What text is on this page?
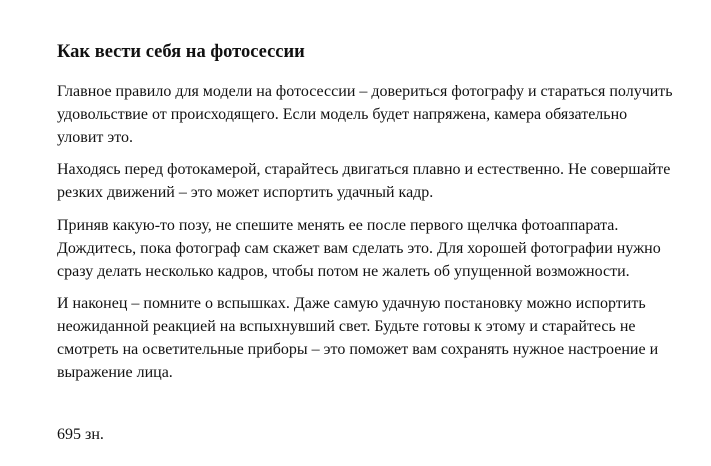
Как вести себя на фотосессии
Главное правило для модели на фотосессии – довериться фотографу и стараться получить
удовольствие от происходящего. Если модель будет напряжена, камера обязательно
уловит это.
Находясь перед фотокамерой, старайтесь двигаться плавно и естественно. Не совершайте
резких движений – это может испортить удачный кадр.
Приняв какую-то позу, не спешите менять ее после первого щелчка фотоаппарата.
Дождитесь, пока фотограф сам скажет вам сделать это. Для хорошей фотографии нужно
сразу делать несколько кадров, чтобы потом не жалеть об упущенной возможности.
И наконец – помните о вспышках. Даже самую удачную постановку можно испортить
неожиданной реакцией на вспыхнувший свет. Будьте готовы к этому и старайтесь не
смотреть на осветительные приборы – это поможет вам сохранять нужное настроение и
выражение лица.
695 зн.
